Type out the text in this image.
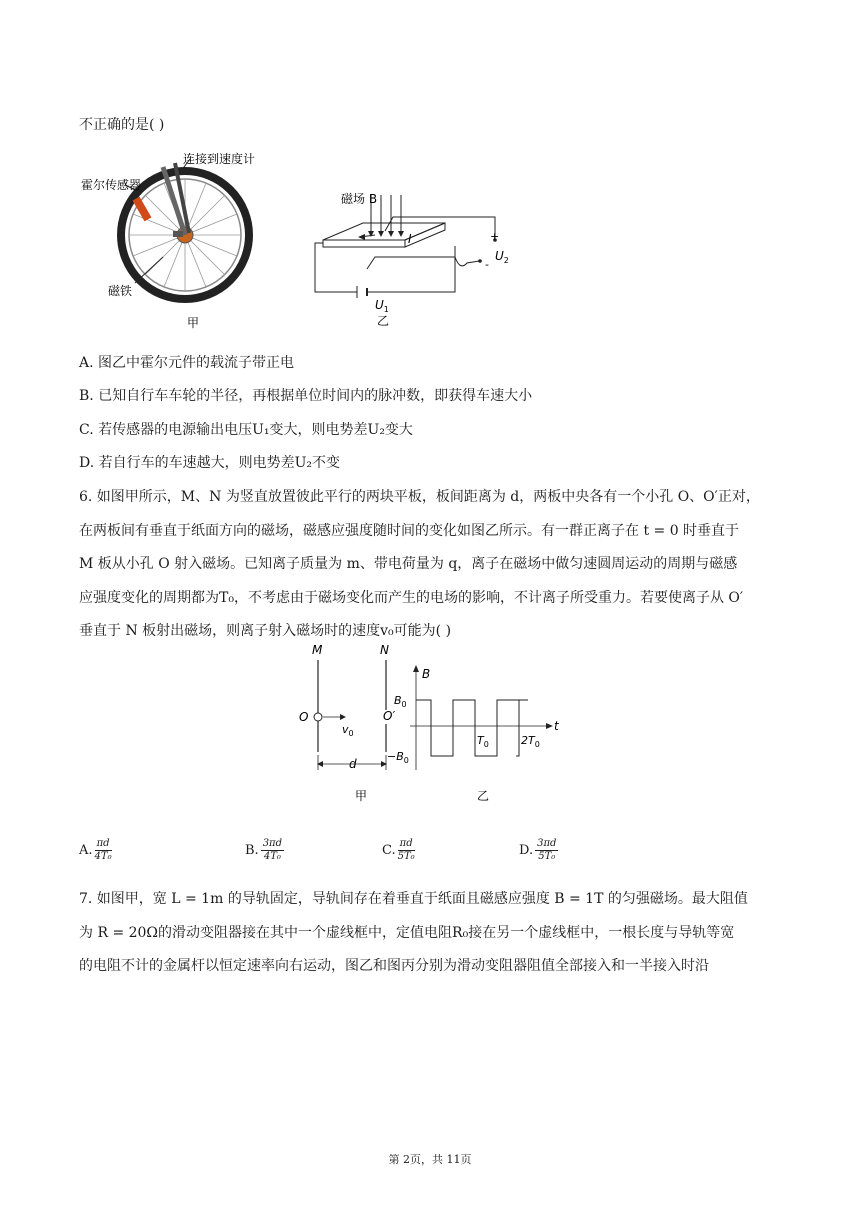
不正确的是( )
霍尔传感器
连接到速度计
磁铁
甲
磁场 B
I	+
-
$U_2$
$U_1$
乙
A. 图乙中霍尔元件的载流子带正电
B. 已知自行车车轮的半径，再根据单位时间内的脉冲数，即获得车速大小
C. 若传感器的电源输出电压U₁变大，则电势差U₂变大
D. 若自行车的车速越大，则电势差U₂不变
6. 如图甲所示，M、N 为竖直放置彼此平行的两块平板，板间距离为 d，两板中央各有一个小孔 O、O′正对，
在两板间有垂直于纸面方向的磁场，磁感应强度随时间的变化如图乙所示。有一群正离子在 t = 0 时垂直于
M 板从小孔 O 射入磁场。已知离子质量为 m、带电荷量为 q，离子在磁场中做匀速圆周运动的周期与磁感
应强度变化的周期都为T₀，不考虑由于磁场变化而产生的电场的影响，不计离子所受重力。若要使离子从 O′
垂直于 N 板射出磁场，则离子射入磁场时的速度v₀可能为( )
M	N
O	O′
$v_0$
d
B
t
$B_0$
$-B_0$
$T_0$	$2T_0$
甲	乙
A. $\frac{\pi d}{\text{4T₀}}$	B. $\frac{3\pi d}{\text{4T₀}}$	C. $\frac{\pi d}{\text{5T₀}}$	D. $\frac{3\pi d}{\text{5T₀}}$
7. 如图甲，宽 L = 1m 的导轨固定，导轨间存在着垂直于纸面且磁感应强度 B = 1T 的匀强磁场。最大阻值
为 R = 20Ω的滑动变阻器接在其中一个虚线框中，定值电阻R₀接在另一个虚线框中，一根长度与导轨等宽
的电阻不计的金属杆以恒定速率向右运动，图乙和图丙分别为滑动变阻器阻值全部接入和一半接入时沿
第 2页，共 11页
